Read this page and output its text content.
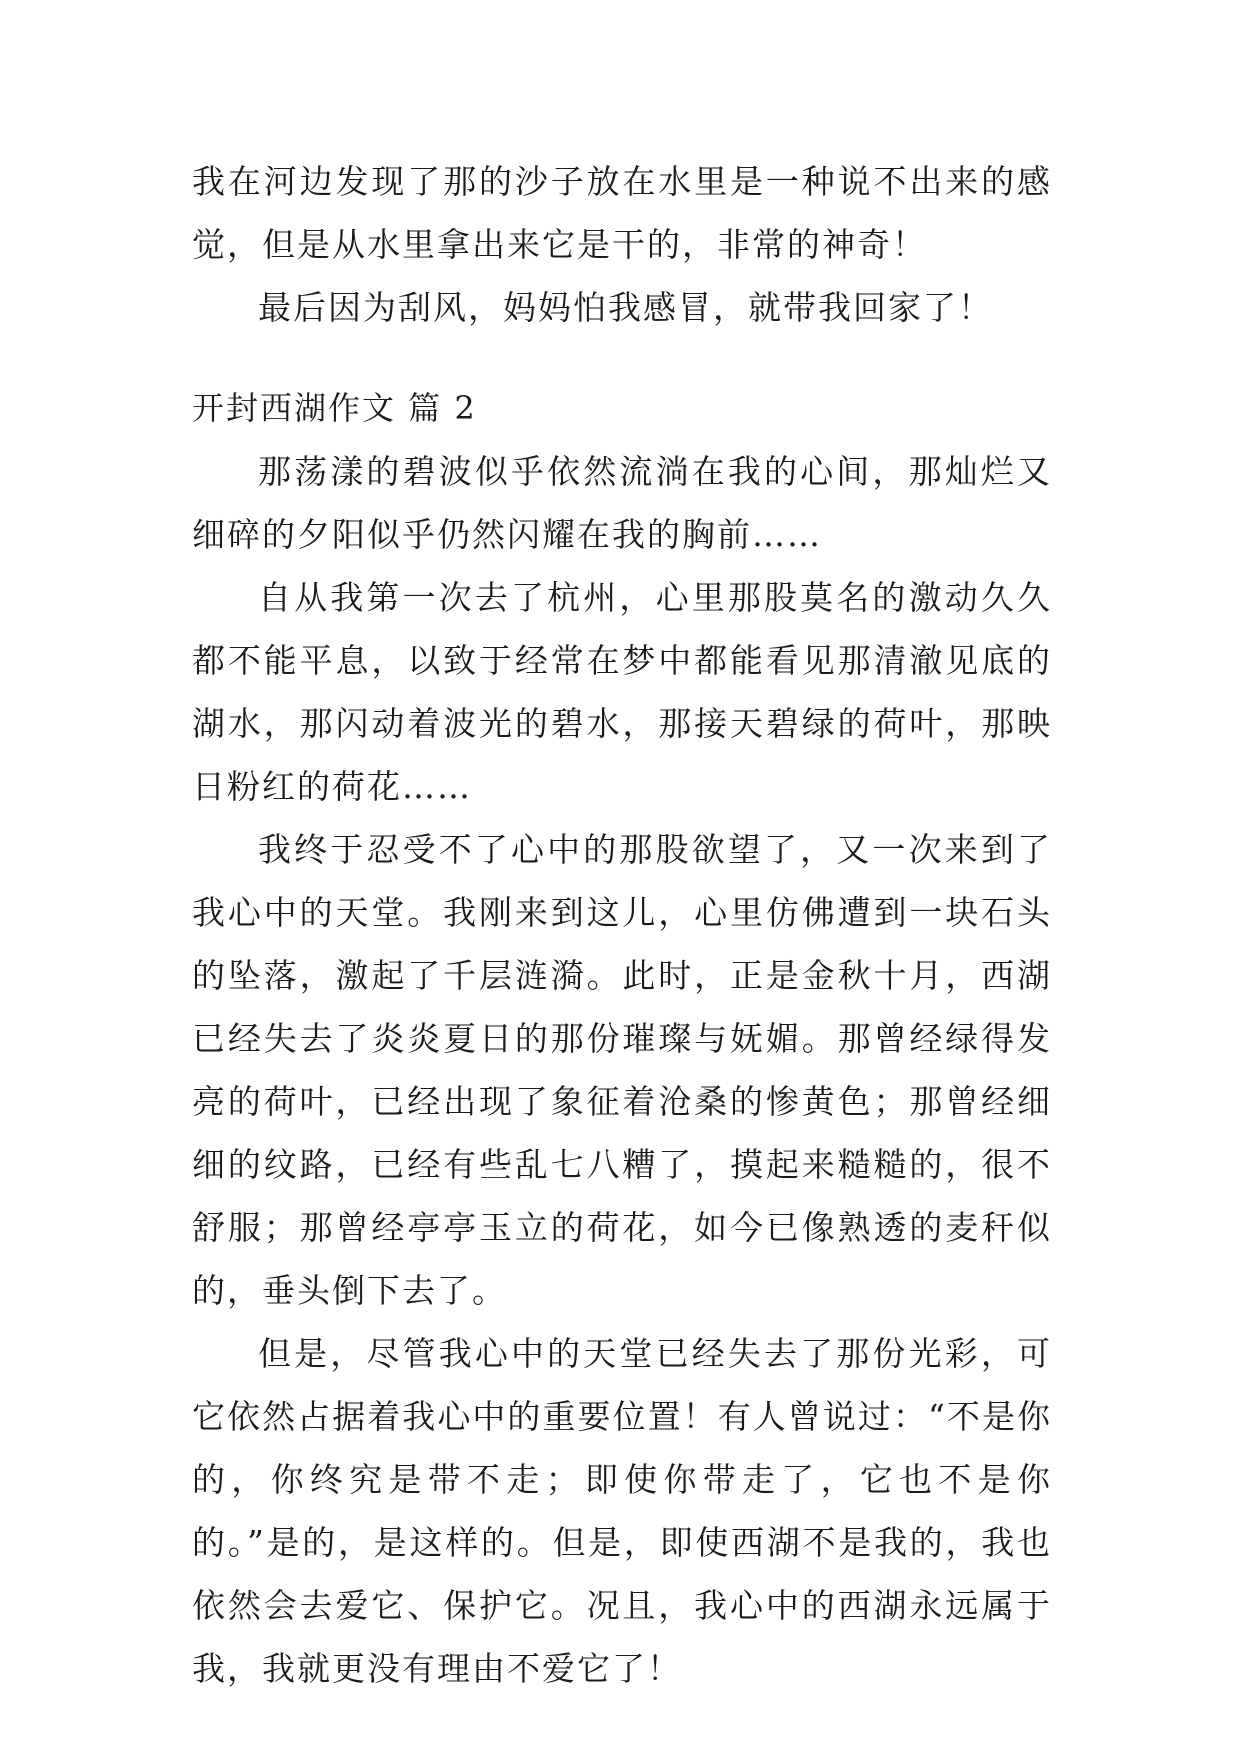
我在河边发现了那的沙子放在水里是一种说不出来的感觉，但是从水里拿出来它是干的，非常的神奇！

最后因为刮风，妈妈怕我感冒，就带我回家了！

开封西湖作文 篇 2

那荡漾的碧波似乎依然流淌在我的心间，那灿烂又细碎的夕阳似乎仍然闪耀在我的胸前……

自从我第一次去了杭州，心里那股莫名的激动久久都不能平息，以致于经常在梦中都能看见那清澈见底的湖水，那闪动着波光的碧水，那接天碧绿的荷叶，那映日粉红的荷花……

我终于忍受不了心中的那股欲望了，又一次来到了我心中的天堂。我刚来到这儿，心里仿佛遭到一块石头的坠落，激起了千层涟漪。此时，正是金秋十月，西湖已经失去了炎炎夏日的那份璀璨与妩媚。那曾经绿得发亮的荷叶，已经出现了象征着沧桑的惨黄色；那曾经细细的纹路，已经有些乱七八糟了，摸起来糙糙的，很不舒服；那曾经亭亭玉立的荷花，如今已像熟透的麦秆似的，垂头倒下去了。

但是，尽管我心中的天堂已经失去了那份光彩，可它依然占据着我心中的重要位置！有人曾说过：“不是你的，你终究是带不走；即使你带走了，它也不是你的。”是的，是这样的。但是，即使西湖不是我的，我也依然会去爱它、保护它。况且，我心中的西湖永远属于我，我就更没有理由不爱它了！
